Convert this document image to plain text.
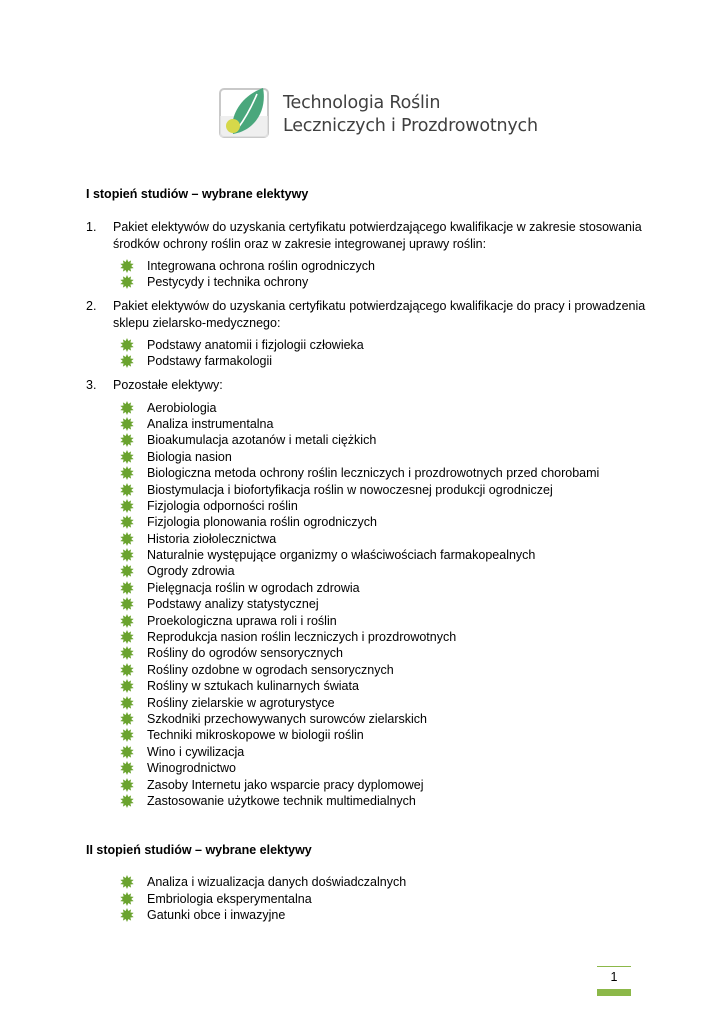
Technologia Roślin
Leczniczych i Prozdrowotnych

I stopień studiów – wybrane elektywy

1. Pakiet elektywów do uzyskania certyfikatu potwierdzającego kwalifikacje w zakresie stosowania środków ochrony roślin oraz w zakresie integrowanej uprawy roślin:
Integrowana ochrona roślin ogrodniczych
Pestycydy i technika ochrony
2. Pakiet elektywów do uzyskania certyfikatu potwierdzającego kwalifikacje do pracy i prowadzenia sklepu zielarsko-medycznego:
Podstawy anatomii i fizjologii człowieka
Podstawy farmakologii
3. Pozostałe elektywy:
Aerobiologia
Analiza instrumentalna
Bioakumulacja azotanów i metali ciężkich
Biologia nasion
Biologiczna metoda ochrony roślin leczniczych i prozdrowotnych przed chorobami
Biostymulacja i biofortyfikacja roślin w nowoczesnej produkcji ogrodniczej
Fizjologia odporności roślin
Fizjologia plonowania roślin ogrodniczych
Historia ziołolecznictwa
Naturalnie występujące organizmy o właściwościach farmakopealnych
Ogrody zdrowia
Pielęgnacja roślin w ogrodach zdrowia
Podstawy analizy statystycznej
Proekologiczna uprawa roli i roślin
Reprodukcja nasion roślin leczniczych i prozdrowotnych
Rośliny do ogrodów sensorycznych
Rośliny ozdobne w ogrodach sensorycznych
Rośliny w sztukach kulinarnych świata
Rośliny zielarskie w agroturystyce
Szkodniki przechowywanych surowców zielarskich
Techniki mikroskopowe w biologii roślin
Wino i cywilizacja
Winogrodnictwo
Zasoby Internetu jako wsparcie pracy dyplomowej
Zastosowanie użytkowe technik multimedialnych

II stopień studiów – wybrane elektywy

Analiza i wizualizacja danych doświadczalnych
Embriologia eksperymentalna
Gatunki obce i inwazyjne
1
